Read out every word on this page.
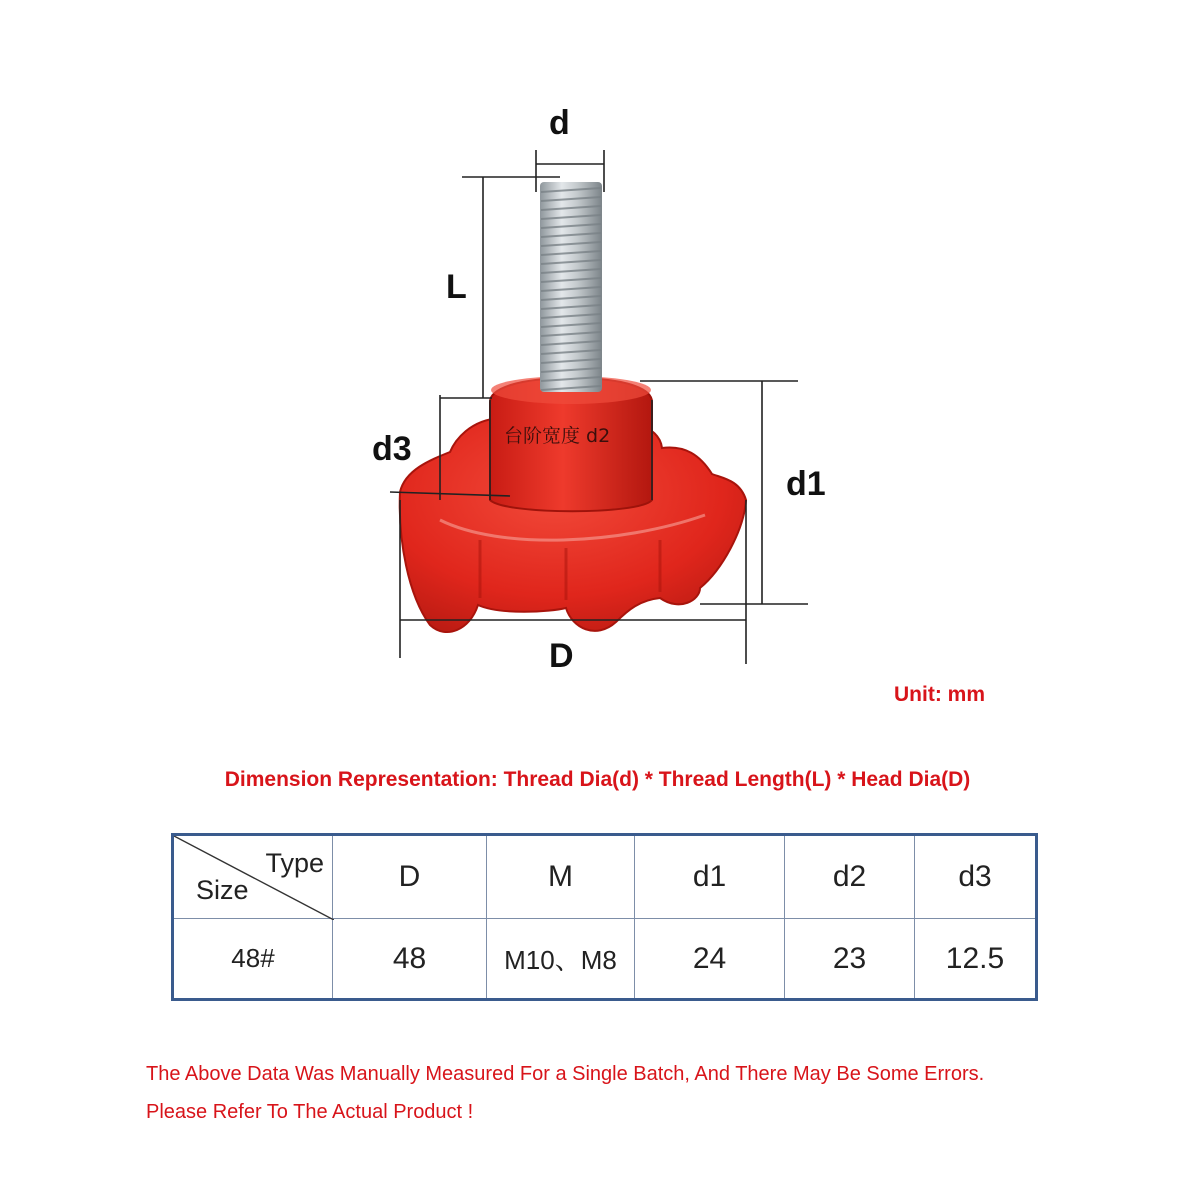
台阶宽度 d2
d
L
d3
d1
D
Unit: mm
Dimension Representation: Thread Dia(d) * Thread Length(L) * Head Dia(D)
Type
Size	D	M	d1	d2	d3
48#	48	M10、M8	24	23	12.5
The Above Data Was Manually Measured For a Single Batch, And There May Be Some Errors.
Please Refer To The Actual Product !
